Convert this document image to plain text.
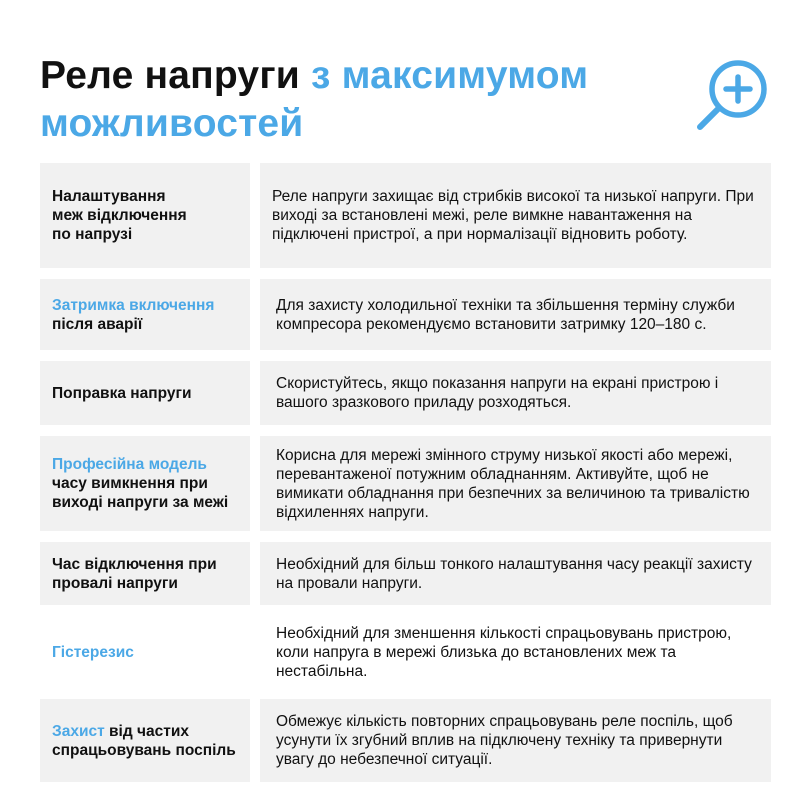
Реле напруги з максимумом можливостей
Налаштування меж відключення по напрузі
Реле напруги захищає від стрибків високої та низької напруги. При виході за встановлені межі, реле вимкне навантаження на підключені пристрої, а при нормалізації відновить роботу.
Затримка включення
після аварії
Для захисту холодильної техніки та збільшення терміну служби компресора рекомендуємо встановити затримку 120–180 с.
Поправка напруги
Скористуйтесь, якщо показання напруги на екрані пристрою і вашого зразкового приладу розходяться.
Професійна модель
часу вимкнення при виході напруги за межі
Корисна для мережі змінного струму низької якості або мережі, перевантаженої потужним обладнанням. Активуйте, щоб не вимикати обладнання при безпечних за величиною та тривалістю відхиленнях напруги.
Час відключення при провалі напруги
Необхідний для більш тонкого налаштування часу реакції захисту на провали напруги.
Гістерезис
Необхідний для зменшення кількості спрацьовувань пристрою, коли напруга в мережі близька до встановлених меж та нестабільна.
Захист від частих спрацьовувань поспіль
Обмежує кількість повторних спрацьовувань реле поспіль, щоб усунути їх згубний вплив на підключену техніку та привернути увагу до небезпечної ситуації.
